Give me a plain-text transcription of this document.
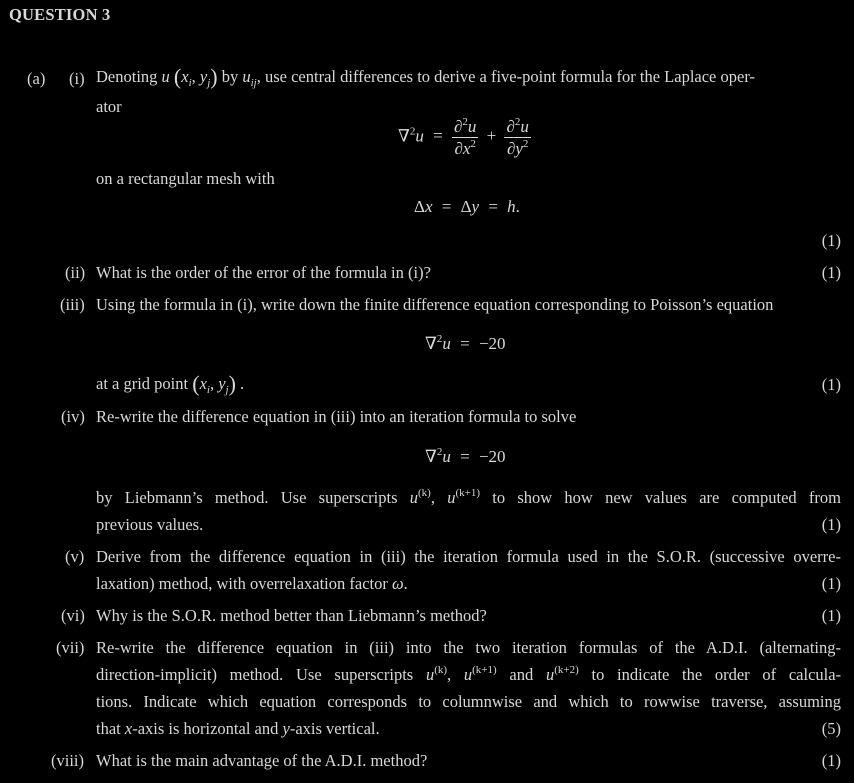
QUESTION 3
(a) (i) Denoting u ($x_i$, $y_j$) by $u_{ij}$, use central differences to derive a five-point formula for the Laplace oper-
ator
$\nabla^2u = \frac{\partial^2u}{\partial x^2} + \frac{\partial^2u}{\partial y^2}$
on a rectangular mesh with
Δx = Δy = h.
(1)
(ii) What is the order of the error of the formula in (i)?	(1)
(iii) Using the formula in (i), write down the finite difference equation corresponding to Poisson’s equation
∇$^2$u = −20
at a grid point ($x_i$, $y_j$) .	(1)
(iv) Re-write the difference equation in (iii) into an iteration formula to solve
∇$^2$u = −20
by Liebmann’s method. Use superscripts $u^{(k)}$, $u^{(k+1)}$ to show how new values are computed from
previous values.	(1)
(v) Derive from the difference equation in (iii) the iteration formula used in the S.O.R. (successive overre-
laxation) method, with overrelaxation factor ω.	(1)
(vi) Why is the S.O.R. method better than Liebmann’s method?	(1)
(vii) Re-write the difference equation in (iii) into the two iteration formulas of the A.D.I. (alternating-
direction-implicit) method. Use superscripts $u^{(k)}$, $u^{(k+1)}$ and $u^{(k+2)}$ to indicate the order of calcula-
tions. Indicate which equation corresponds to columnwise and which to rowwise traverse, assuming
that x-axis is horizontal and y-axis vertical.	(5)
(viii) What is the main advantage of the A.D.I. method?	(1)
